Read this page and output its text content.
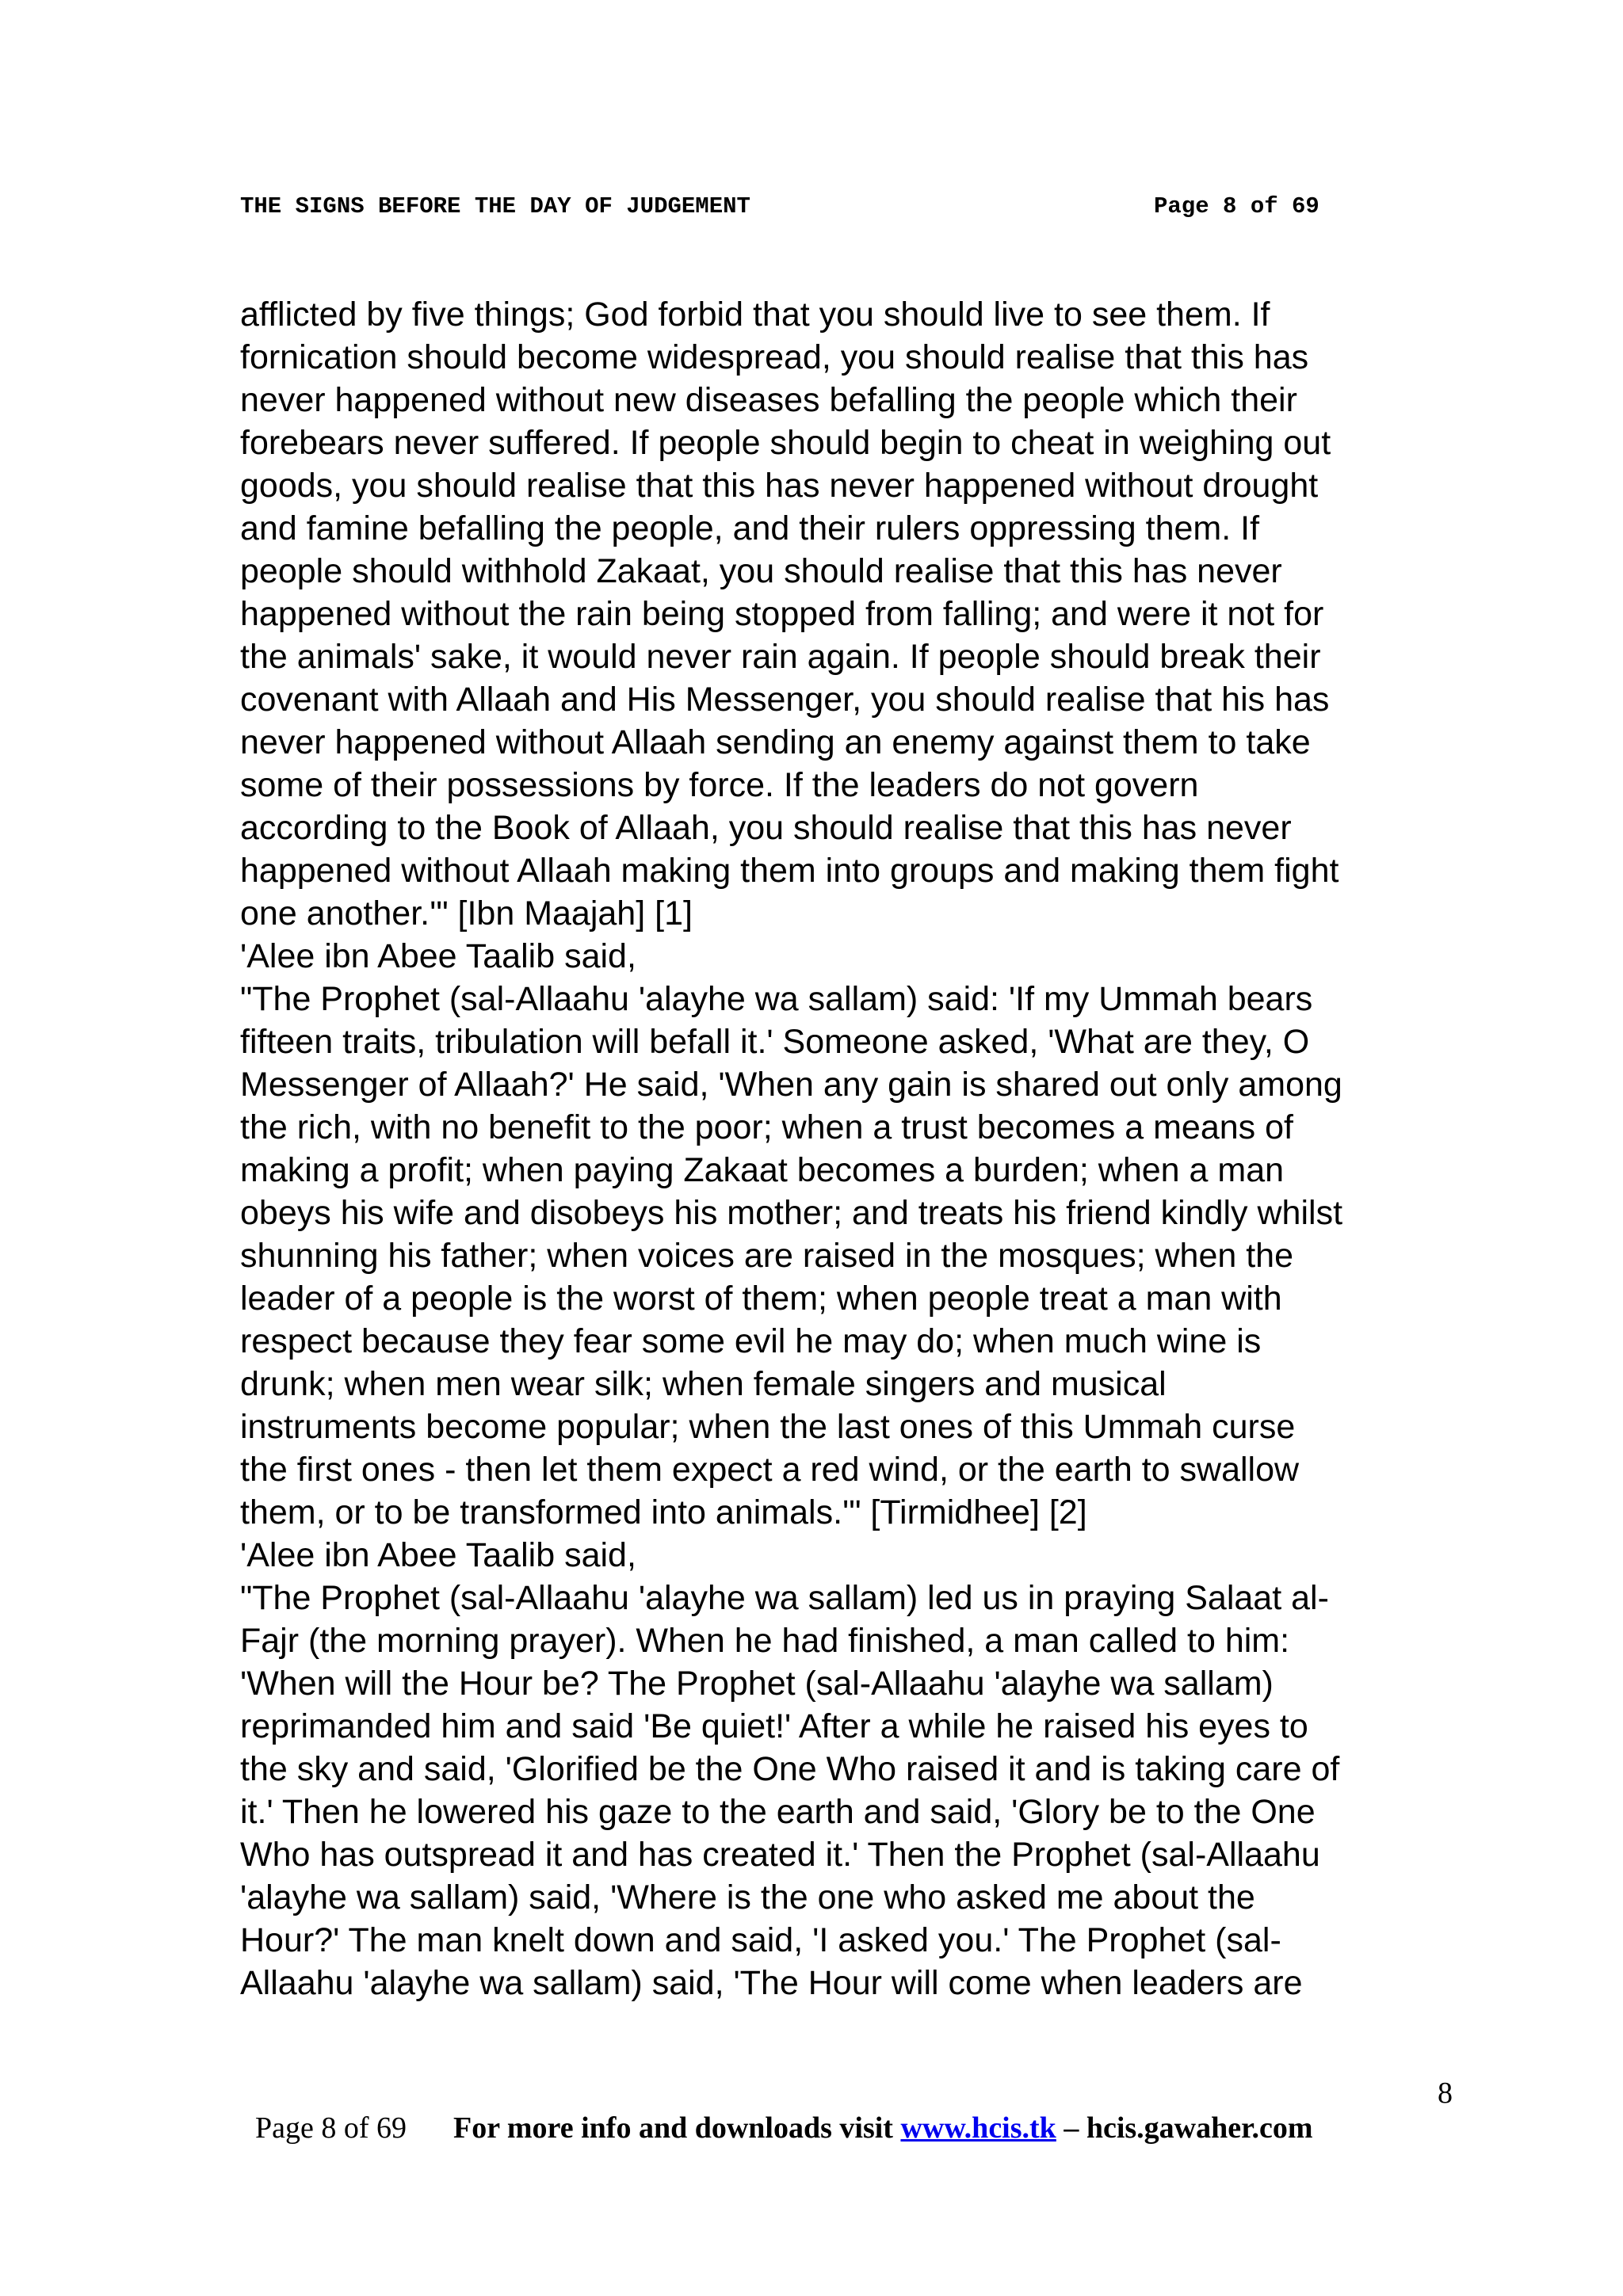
THE SIGNS BEFORE THE DAY OF JUDGEMENT	Page 8 of 69
afflicted by five things; God forbid that you should live to see them. If
fornication should become widespread, you should realise that this has
never happened without new diseases befalling the people which their
forebears never suffered. If people should begin to cheat in weighing out
goods, you should realise that this has never happened without drought
and famine befalling the people, and their rulers oppressing them. If
people should withhold Zakaat, you should realise that this has never
happened without the rain being stopped from falling; and were it not for
the animals' sake, it would never rain again. If people should break their
covenant with Allaah and His Messenger, you should realise that his has
never happened without Allaah sending an enemy against them to take
some of their possessions by force. If the leaders do not govern
according to the Book of Allaah, you should realise that this has never
happened without Allaah making them into groups and making them fight
one another.'" [Ibn Maajah] [1]
'Alee ibn Abee Taalib said,
"The Prophet (sal-Allaahu 'alayhe wa sallam) said: 'If my Ummah bears
fifteen traits, tribulation will befall it.' Someone asked, 'What are they, O
Messenger of Allaah?' He said, 'When any gain is shared out only among
the rich, with no benefit to the poor; when a trust becomes a means of
making a profit; when paying Zakaat becomes a burden; when a man
obeys his wife and disobeys his mother; and treats his friend kindly whilst
shunning his father; when voices are raised in the mosques; when the
leader of a people is the worst of them; when people treat a man with
respect because they fear some evil he may do; when much wine is
drunk; when men wear silk; when female singers and musical
instruments become popular; when the last ones of this Ummah curse
the first ones - then let them expect a red wind, or the earth to swallow
them, or to be transformed into animals.'" [Tirmidhee] [2]
'Alee ibn Abee Taalib said,
"The Prophet (sal-Allaahu 'alayhe wa sallam) led us in praying Salaat al-
Fajr (the morning prayer). When he had finished, a man called to him:
'When will the Hour be? The Prophet (sal-Allaahu 'alayhe wa sallam)
reprimanded him and said 'Be quiet!' After a while he raised his eyes to
the sky and said, 'Glorified be the One Who raised it and is taking care of
it.' Then he lowered his gaze to the earth and said, 'Glory be to the One
Who has outspread it and has created it.' Then the Prophet (sal-Allaahu
'alayhe wa sallam) said, 'Where is the one who asked me about the
Hour?' The man knelt down and said, 'I asked you.' The Prophet (sal-
Allaahu 'alayhe wa sallam) said, 'The Hour will come when leaders are

Page 8 of 69 For more info and downloads visit www.hcis.tk – hcis.gawaher.com

8
